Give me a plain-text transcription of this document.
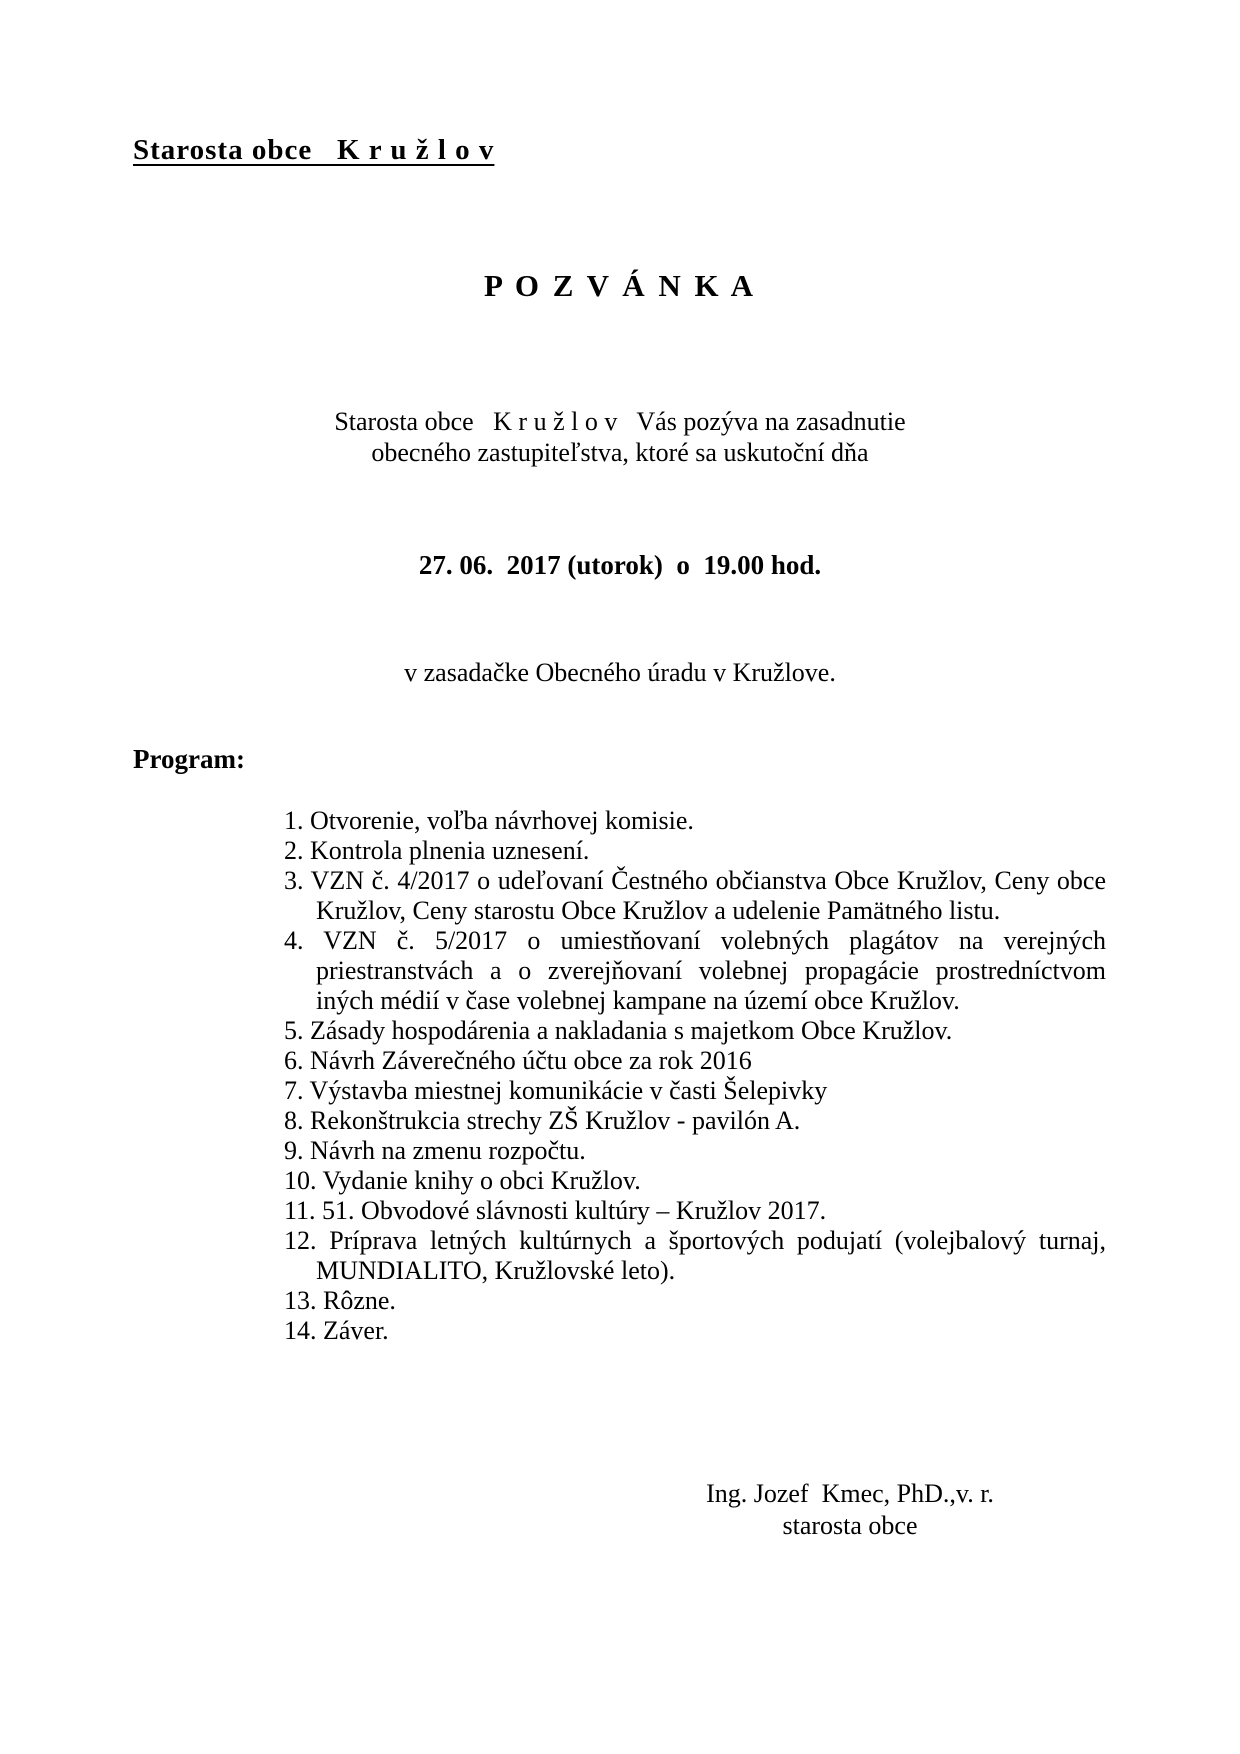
Starosta obce   K r u ž l o v
P O Z V Á N K A
Starosta obce   K r u ž l o v   Vás pozýva na zasadnutie
obecného zastupiteľstva, ktoré sa uskutoční dňa
27. 06.  2017 (utorok)  o  19.00 hod.
v zasadačke Obecného úradu v Kružlove.
Program:
1. Otvorenie, voľba návrhovej komisie.
2. Kontrola plnenia uznesení.
3. VZN č. 4/2017 o udeľovaní Čestného občianstva Obce Kružlov, Ceny obce Kružlov, Ceny starostu Obce Kružlov a udelenie Pamätného listu.
4. VZN č. 5/2017 o umiestňovaní volebných plagátov na verejných priestranstvách a o zverejňovaní volebnej propagácie prostredníctvom iných médií v čase volebnej kampane na území obce Kružlov.
5. Zásady hospodárenia a nakladania s majetkom Obce Kružlov.
6. Návrh Záverečného účtu obce za rok 2016
7. Výstavba miestnej komunikácie v časti Šelepivky
8. Rekonštrukcia strechy ZŠ Kružlov - pavilón A.
9. Návrh na zmenu rozpočtu.
10. Vydanie knihy o obci Kružlov.
11. 51. Obvodové slávnosti kultúry – Kružlov 2017.
12. Príprava letných kultúrnych a športových podujatí (volejbalový turnaj, MUNDIALITO, Kružlovské leto).
13. Rôzne.
14. Záver.
Ing. Jozef  Kmec, PhD.,v. r.
starosta obce
